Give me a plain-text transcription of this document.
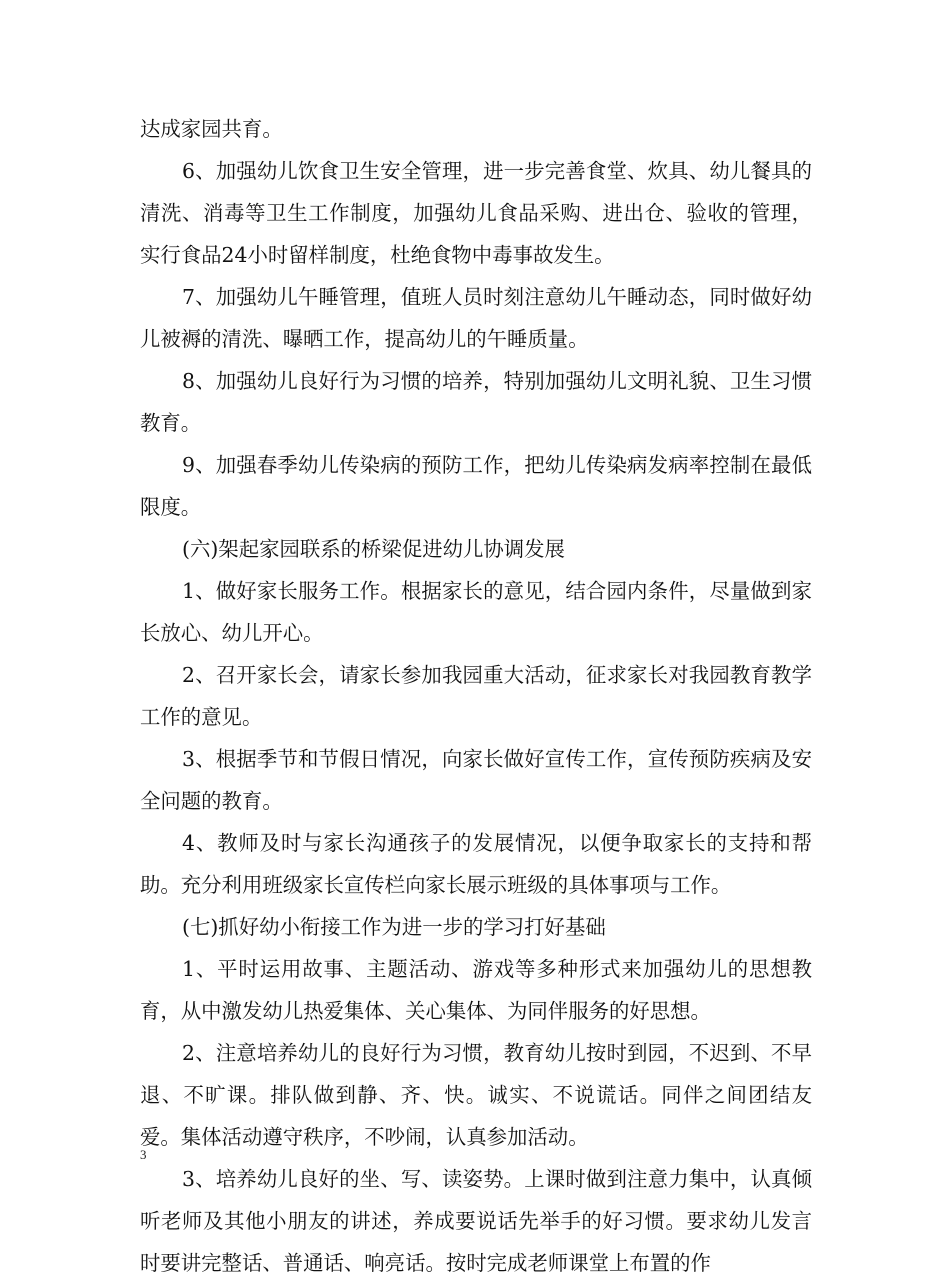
达成家园共育。

6、加强幼儿饮食卫生安全管理，进一步完善食堂、炊具、幼儿餐具的清洗、消毒等卫生工作制度，加强幼儿食品采购、进出仓、验收的管理，实行食品24小时留样制度，杜绝食物中毒事故发生。

7、加强幼儿午睡管理，值班人员时刻注意幼儿午睡动态，同时做好幼儿被褥的清洗、曝晒工作，提高幼儿的午睡质量。

8、加强幼儿良好行为习惯的培养，特别加强幼儿文明礼貌、卫生习惯教育。

9、加强春季幼儿传染病的预防工作，把幼儿传染病发病率控制在最低限度。

(六)架起家园联系的桥梁促进幼儿协调发展

1、做好家长服务工作。根据家长的意见，结合园内条件，尽量做到家长放心、幼儿开心。

2、召开家长会，请家长参加我园重大活动，征求家长对我园教育教学工作的意见。

3、根据季节和节假日情况，向家长做好宣传工作，宣传预防疾病及安全问题的教育。

4、教师及时与家长沟通孩子的发展情况，以便争取家长的支持和帮助。充分利用班级家长宣传栏向家长展示班级的具体事项与工作。

(七)抓好幼小衔接工作为进一步的学习打好基础

1、平时运用故事、主题活动、游戏等多种形式来加强幼儿的思想教育，从中激发幼儿热爱集体、关心集体、为同伴服务的好思想。

2、注意培养幼儿的良好行为习惯，教育幼儿按时到园，不迟到、不早退、不旷课。排队做到静、齐、快。诚实、不说谎话。同伴之间团结友爱。集体活动遵守秩序，不吵闹，认真参加活动。

3、培养幼儿良好的坐、写、读姿势。上课时做到注意力集中，认真倾听老师及其他小朋友的讲述，养成要说话先举手的好习惯。要求幼儿发言时要讲完整话、普通话、响亮话。按时完成老师课堂上布置的作

3
